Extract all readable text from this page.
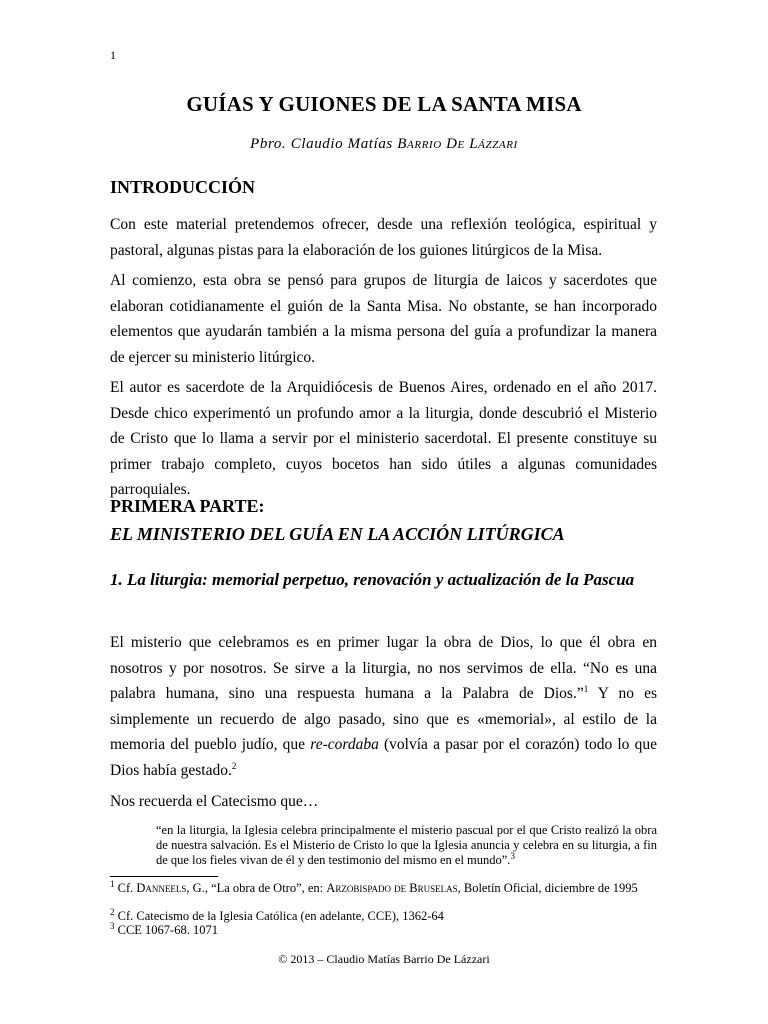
1
GUÍAS Y GUIONES DE LA SANTA MISA
Pbro. Claudio Matías Barrio De Lázzari
INTRODUCCIÓN

Con este material pretendemos ofrecer, desde una reflexión teológica, espiritual y pastoral, algunas pistas para la elaboración de los guiones litúrgicos de la Misa.

Al comienzo, esta obra se pensó para grupos de liturgia de laicos y sacerdotes que elaboran cotidianamente el guión de la Santa Misa. No obstante, se han incorporado elementos que ayudarán también a la misma persona del guía a profundizar la manera de ejercer su ministerio litúrgico.

El autor es sacerdote de la Arquidiócesis de Buenos Aires, ordenado en el año 2017. Desde chico experimentó un profundo amor a la liturgia, donde descubrió el Misterio de Cristo que lo llama a servir por el ministerio sacerdotal. El presente constituye su primer trabajo completo, cuyos bocetos han sido útiles a algunas comunidades parroquiales.

PRIMERA PARTE:
EL MINISTERIO DEL GUÍA EN LA ACCIÓN LITÚRGICA

1. La liturgia: memorial perpetuo, renovación y actualización de la Pascua

El misterio que celebramos es en primer lugar la obra de Dios, lo que él obra en nosotros y por nosotros. Se sirve a la liturgia, no nos servimos de ella. “No es una palabra humana, sino una respuesta humana a la Palabra de Dios.”$^1$ Y no es simplemente un recuerdo de algo pasado, sino que es «memorial», al estilo de la memoria del pueblo judío, que re-cordaba (volvía a pasar por el corazón) todo lo que Dios había gestado.$^2$

Nos recuerda el Catecismo que…

“en la liturgia, la Iglesia celebra principalmente el misterio pascual por el que Cristo realizó la obra de nuestra salvación. Es el Misterio de Cristo lo que la Iglesia anuncia y celebra en su liturgia, a fin de que los fieles vivan de él y den testimonio del mismo en el mundo”.$^3$

$^1$ Cf. Danneels, G., “La obra de Otro”, en: Arzobispado de Bruselas, Boletín Oficial, diciembre de 1995

$^2$ Cf. Catecismo de la Iglesia Católica (en adelante, CCE), 1362-64

$^3$ CCE 1067-68. 1071

© 2013 – Claudio Matías Barrio De Lázzari
